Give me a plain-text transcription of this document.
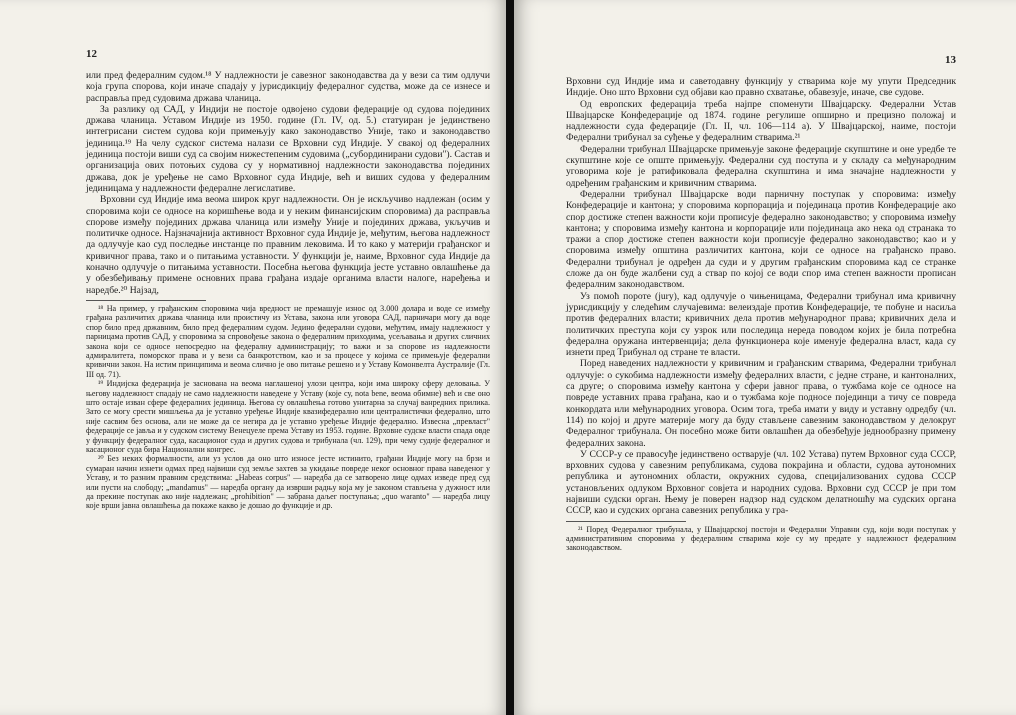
12

или пред федералним судом.¹⁸ У надлежности је савезног законодавства да у вези са тим одлучи која група спорова, који иначе спадају у јурисдикцију федералног судства, може да се изнесе и расправља пред судовима држава чланица.

За разлику од САД, у Индији не постоје одвојено судови федерације од судова појединих држава чланица. Уставом Индије из 1950. године (Гл. IV, од. 5.) статуиран је јединствено интегрисани систем судова који примењују како законодавство Уније, тако и законодавство јединица.¹⁹ На челу судског система налази се Врховни суд Индије. У свакој од федералних јединица постоји виши суд са својим нижестепеним судовима („субординирани судови"). Састав и организација ових потоњих судова су у нормативној надлежности законодавства појединих држава, док је уређење не само Врховног суда Индије, већ и виших судова у федералним јединицама у надлежности федералне легислативе.

Врховни суд Индије има веома широк круг надлежности. Он је искључиво надлежан (осим у споровима који се односе на коришћење вода и у неким финансијским споровима) да расправља спорове између појединих држава чланица или између Уније и појединих држава, укључив и политичке односе. Најзначајнија активност Врховног суда Индије је, међутим, његова надлежност да одлучује као суд последње инстанце по правним лековима. И то како у материји грађанског и кривичног права, тако и о питањима уставности. У функцији је, наиме, Врховног суда Индије да коначно одлучује о питањима уставности. Посебна његова функција јесте уставно овлашћење да у обезбеђивању примене основних права грађана издаје органима власти налоге, наређења и наредбе.²⁰ Најзад,

¹⁸ На пример, у грађанским споровима чија вредност не премашује износ од 3.000 долара и воде се између грађана различитих држава чланица или проистичу из Устава, закона или уговора САД, парничари могу да воде спор било пред државним, било пред федералним судом. Једино федерални судови, међутим, имају надлежност у парницама против САД, у споровима за спровођење закона о федералним приходима, усељавања и других сличних закона који се односе непосредно на федералну администрацију; то важи и за спорове из надлежности адмиралитета, поморског права и у вези са банкротством, као и за процесе у којима се примењује федерални кривични закон. На истим принципима и веома слично је ово питање решено и у Уставу Комонвелта Аустралије (Гл. III од. 71).

¹⁹ Индијска федерација је заснована на веома наглашеној улози центра, који има широку сферу деловања. У његову надлежност спадају не само надлежности наведене у Уставу (које су, nota bene, веома обимне) већ и све оно што остаје изван сфере федералних јединица. Његова су овлашћења готово унитарна за случај ванредних прилика. Зато се могу срести мишљења да је уставно уређење Индије квазифедерално или централистички федерално, што није сасвим без основа, али не може да се негира да је уставно уређење Индије федерално. Извесна „превласт" федерације се јавља и у судском систему Венецуеле према Уставу из 1953. године. Врховне судске власти спада овде у функцију федералног суда, касационог суда и других судова и трибунала (чл. 129), при чему судије федералног и касационог суда бира Национални конгрес.

²⁰ Без неких формалности, али уз услов да оно што износе јесте истинито, грађани Индије могу на брзи и сумаран начин изнети одмах пред највиши суд земље захтев за укидање повреде неког основног права наведеног у Уставу, и то разним правним средствима: „Habeas corpus" — наредба да се затворено лице одмах изведе пред суд или пусти на слободу; „mandamus" — наредба органу да изврши радњу која му је законом стављена у дужност или да прекине поступак ако није надлежан; „prohibition" — забрана даљег поступања; „quo waranto" — наредба лицу које врши јавна овлашћења да покаже какво је дошао до функције и др.

13

Врховни суд Индије има и саветодавну функцију у стварима које му упути Председник Индије. Оно што Врховни суд објави као правно схватање, обавезује, иначе, све судове.

Од европских федерација треба најпре споменути Швајцарску. Федерални Устав Швајцарске Конфедерације од 1874. године регулише опширно и прецизно положај и надлежности суда федерације (Гл. II, чл. 106—114 а). У Швајцарској, наиме, постоји Федерални трибунал за суђење у федералним стварима.²¹

Федерални трибунал Швајцарске примењује законе федерације скупштине и оне уредбе те скупштине које се опште примењују. Федерални суд поступа и у складу са међународним уговорима које је ратификовала федерална скупштина и има значајне надлежности у одређеним грађанским и кривичним стварима.

Федерални трибунал Швајцарске води парничну поступак у споровима: између Конфедерације и кантона; у споровима корпорација и појединаца против Конфедерације ако спор достиже степен важности који прописује федерално законодавство; у споровима између кантона; у споровима између кантона и корпорације или појединаца ако нека од странака то тражи а спор достиже степен важности који прописује федерално законодавство; као и у споровима између општина различитих кантона, који се односе на грађанско право. Федерални трибунал је одређен да суди и у другим грађанским споровима кад се странке сложе да он буде жалбени суд а ствар по којој се води спор има степен важности прописан федералним законодавством.

Уз помоћ пороте (jury), кад одлучује о чињеницама, Федерални трибунал има кривичну јурисдикцију у следећим случајевима: велеиздаје против Конфедерације, те побуне и насиља против федералних власти; кривичних дела против међународног права; кривичних дела и политичких преступа који су узрок или последица нереда поводом којих је била потребна федерална оружана интервенција; дела функционера које именује федерална власт, када су изнети пред Трибунал од стране те власти.

Поред наведених надлежности у кривичним и грађанским стварима, Федерални трибунал одлучује: о сукобима надлежности између федералних власти, с једне стране, и кантоналних, са друге; о споровима између кантона у сфери јавног права, о тужбама које се односе на повреде уставних права грађана, као и о тужбама које подносе појединци а тичу се повреда конкордата или међународних уговора. Осим тога, треба имати у виду и уставну одредбу (чл. 114) по којој и друге материје могу да буду стављене савезним законодавством у делокруг Федералног трибунала. Он посебно може бити овлашћен да обезбеђује једнообразну примену федералних закона.

У СССР-у се правосуђе јединствено остварује (чл. 102 Устава) путем Врховног суда СССР, врховних судова у савезним републикама, судова покрајина и области, судова аутономних република и аутономних области, окружних судова, специјализованих судова СССР установљених одлуком Врховног совјета и народних судова. Врховни суд СССР је при том највиши судски орган. Њему је поверен надзор над судском делатношћу ма судских органа СССР, као и судских органа савезних република у гра-

²¹ Поред Федералног трибунала, у Швајцарској постоји и Федерални Управни суд, који води поступак у административним споровима у федералним стварима које су му предате у надлежност федералним законодавством.
